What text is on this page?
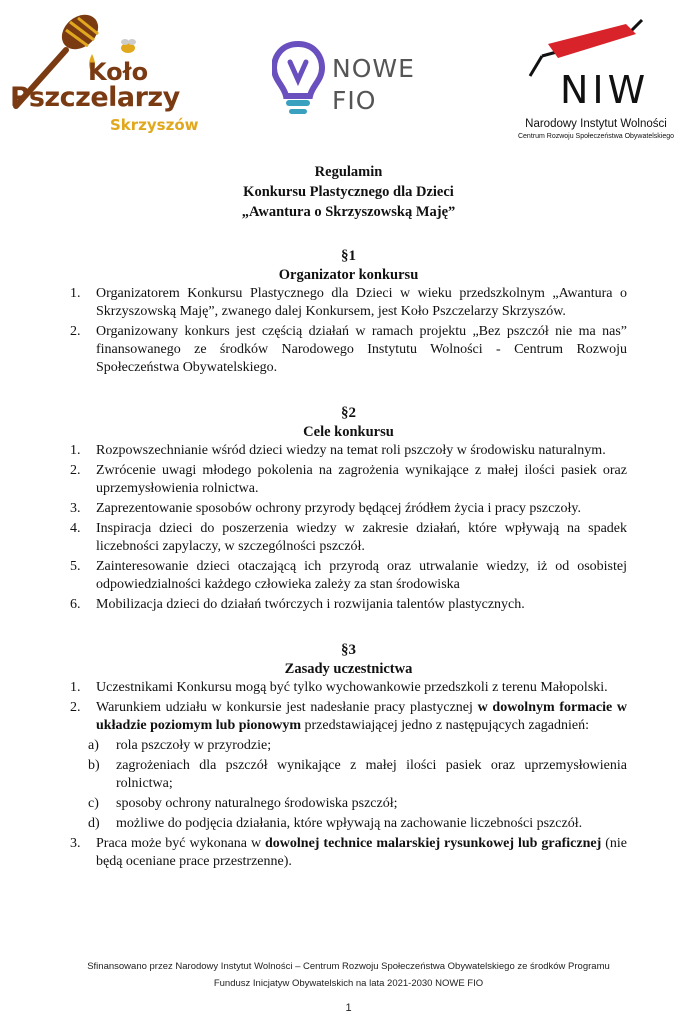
Koło
Pszczelarzy
Skrzyszów
NOWE
FIO	NIW
Narodowy Instytut Wolności
Centrum Rozwoju Społeczeństwa Obywatelskiego
Regulamin
Konkursu Plastycznego dla Dzieci
„Awantura o Skrzyszowską Maję”
§1
Organizator konkursu
1. Organizatorem Konkursu Plastycznego dla Dzieci w wieku przedszkolnym „Awantura o Skrzyszowską Maję”, zwanego dalej Konkursem, jest Koło Pszczelarzy Skrzyszów.
2. Organizowany konkurs jest częścią działań w ramach projektu „Bez pszczół nie ma nas” finansowanego ze środków Narodowego Instytutu Wolności - Centrum Rozwoju Społeczeństwa Obywatelskiego.
§2
Cele konkursu
1. Rozpowszechnianie wśród dzieci wiedzy na temat roli pszczoły w środowisku naturalnym.
2. Zwrócenie uwagi młodego pokolenia na zagrożenia wynikające z małej ilości pasiek oraz uprzemysłowienia rolnictwa.
3. Zaprezentowanie sposobów ochrony przyrody będącej źródłem życia i pracy pszczoły.
4. Inspiracja dzieci do poszerzenia wiedzy w zakresie działań, które wpływają na spadek liczebności zapylaczy, w szczególności pszczół.
5. Zainteresowanie dzieci otaczającą ich przyrodą oraz utrwalanie wiedzy, iż od osobistej odpowiedzialności każdego człowieka zależy za stan środowiska
6. Mobilizacja dzieci do działań twórczych i rozwijania talentów plastycznych.
§3
Zasady uczestnictwa
1. Uczestnikami Konkursu mogą być tylko wychowankowie przedszkoli z terenu Małopolski.
2. Warunkiem udziału w konkursie jest nadesłanie pracy plastycznej w dowolnym formacie w układzie poziomym lub pionowym przedstawiającej jedno z następujących zagadnień:
a) rola pszczoły w przyrodzie;
b) zagrożeniach dla pszczół wynikające z małej ilości pasiek oraz uprzemysłowienia rolnictwa;
c) sposoby ochrony naturalnego środowiska pszczół;
d) możliwe do podjęcia działania, które wpływają na zachowanie liczebności pszczół.
3. Praca może być wykonana w dowolnej technice malarskiej rysunkowej lub graficznej (nie będą oceniane prace przestrzenne).
Sfinansowano przez Narodowy Instytut Wolności – Centrum Rozwoju Społeczeństwa Obywatelskiego ze środków Programu
Fundusz Inicjatyw Obywatelskich na lata 2021-2030 NOWE FIO
1
